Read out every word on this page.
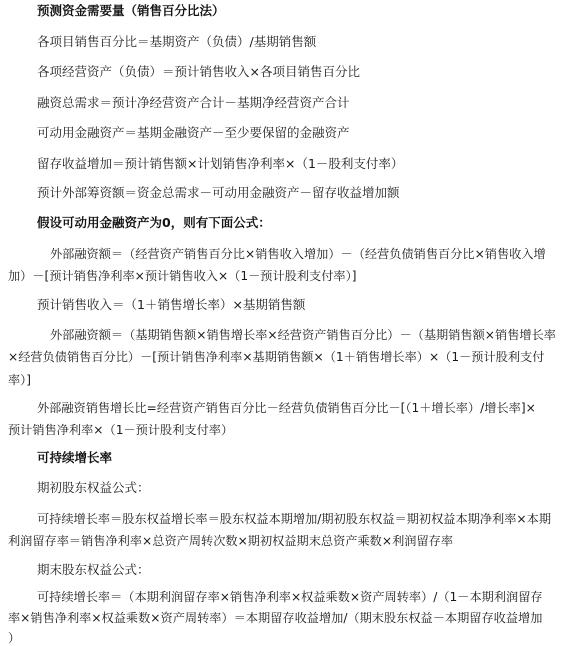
预测资金需要量（销售百分比法）
各项目销售百分比＝基期资产（负债）/基期销售额
各项经营资产（负债）＝预计销售收入×各项目销售百分比
融资总需求＝预计净经营资产合计－基期净经营资产合计
可动用金融资产＝基期金融资产－至少要保留的金融资产
留存收益增加＝预计销售额×计划销售净利率×（1－股利支付率）
预计外部筹资额＝资金总需求－可动用金融资产－留存收益增加额
假设可动用金融资产为0，则有下面公式：
外部融资额＝（经营资产销售百分比×销售收入增加）－（经营负债销售百分比×销售收入增
加）－[预计销售净利率×预计销售收入×（1－预计股利支付率）]
预计销售收入＝（1＋销售增长率）×基期销售额
外部融资额＝（基期销售额×销售增长率×经营资产销售百分比）－（基期销售额×销售增长率
×经营负债销售百分比）－[预计销售净利率×基期销售额×（1＋销售增长率）×（1－预计股利支付
率）]
外部融资销售增长比=经营资产销售百分比－经营负债销售百分比－[（1＋增长率）/增长率]×
预计销售净利率×（1－预计股利支付率）
可持续增长率
期初股东权益公式：
可持续增长率＝股东权益增长率＝股东权益本期增加/期初股东权益＝期初权益本期净利率×本期
利润留存率＝销售净利率×总资产周转次数×期初权益期末总资产乘数×利润留存率
期末股东权益公式：
可持续增长率＝（本期利润留存率×销售净利率×权益乘数×资产周转率）/（1－本期利润留存
率×销售净利率×权益乘数×资产周转率）＝本期留存收益增加/（期末股东权益－本期留存收益增加
）
